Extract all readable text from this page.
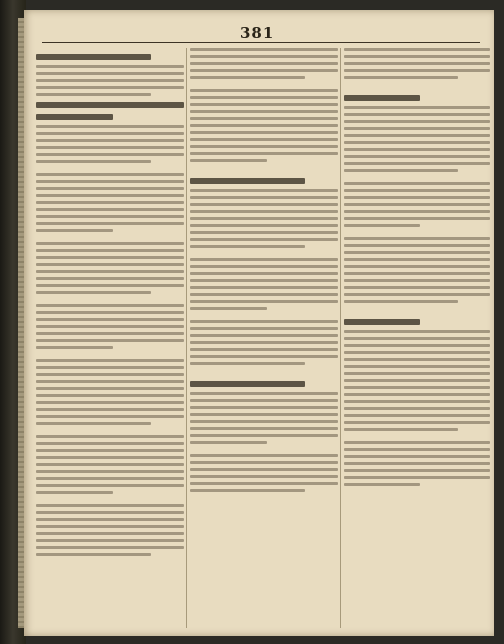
381
